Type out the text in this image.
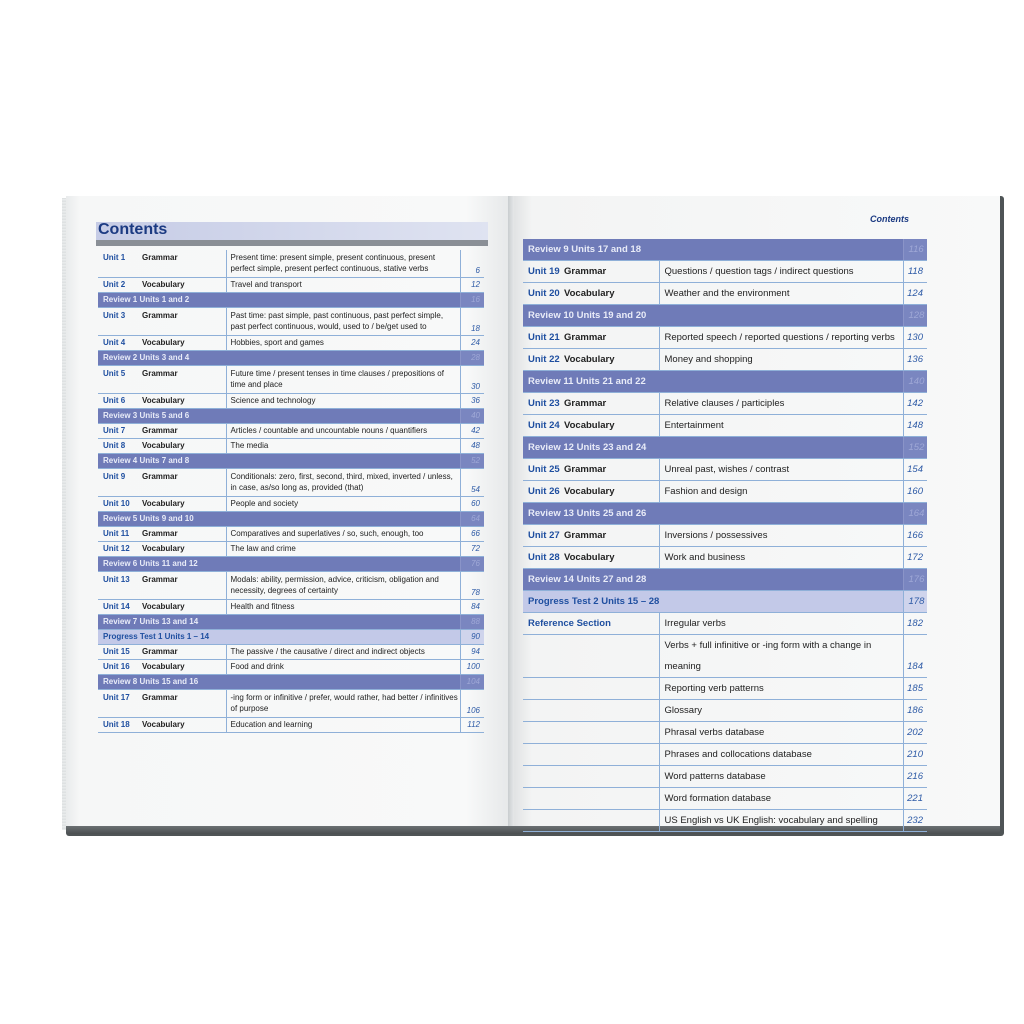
Contents
Contents
Unit 1	Grammar	Present time: present simple, present continuous, present perfect simple, present perfect continuous, stative verbs	6
Unit 2	Vocabulary	Travel and transport	12
Review 1 Units 1 and 2			16
Unit 3	Grammar	Past time: past simple, past continuous, past perfect simple, past perfect continuous, would, used to / be/get used to	18
Unit 4	Vocabulary	Hobbies, sport and games	24
Review 2 Units 3 and 4			28
Unit 5	Grammar	Future time / present tenses in time clauses / prepositions of time and place	30
Unit 6	Vocabulary	Science and technology	36
Review 3 Units 5 and 6			40
Unit 7	Grammar	Articles / countable and uncountable nouns / quantifiers	42
Unit 8	Vocabulary	The media	48
Review 4 Units 7 and 8			52
Unit 9	Grammar	Conditionals: zero, first, second, third, mixed, inverted / unless, in case, as/so long as, provided (that)	54
Unit 10	Vocabulary	People and society	60
Review 5 Units 9 and 10			64
Unit 11	Grammar	Comparatives and superlatives / so, such, enough, too	66
Unit 12	Vocabulary	The law and crime	72
Review 6 Units 11 and 12			76
Unit 13	Grammar	Modals: ability, permission, advice, criticism, obligation and necessity, degrees of certainty	78
Unit 14	Vocabulary	Health and fitness	84
Review 7 Units 13 and 14			88
Progress Test 1 Units 1 – 14			90
Unit 15	Grammar	The passive / the causative / direct and indirect objects	94
Unit 16	Vocabulary	Food and drink	100
Review 8 Units 15 and 16			104
Unit 17	Grammar	-ing form or infinitive / prefer, would rather, had better / infinitives of purpose	106
Unit 18	Vocabulary	Education and learning	112
Review 9 Units 17 and 18			116
Unit 19	Grammar	Questions / question tags / indirect questions	118
Unit 20	Vocabulary	Weather and the environment	124
Review 10 Units 19 and 20			128
Unit 21	Grammar	Reported speech / reported questions / reporting verbs	130
Unit 22	Vocabulary	Money and shopping	136
Review 11 Units 21 and 22			140
Unit 23	Grammar	Relative clauses / participles	142
Unit 24	Vocabulary	Entertainment	148
Review 12 Units 23 and 24			152
Unit 25	Grammar	Unreal past, wishes / contrast	154
Unit 26	Vocabulary	Fashion and design	160
Review 13 Units 25 and 26			164
Unit 27	Grammar	Inversions / possessives	166
Unit 28	Vocabulary	Work and business	172
Review 14 Units 27 and 28			176
Progress Test 2 Units 15 – 28			178
Reference Section		Irregular verbs	182
		Verbs + full infinitive or -ing form with a change in meaning	184
		Reporting verb patterns	185
		Glossary	186
		Phrasal verbs database	202
		Phrases and collocations database	210
		Word patterns database	216
		Word formation database	221
		US English vs UK English: vocabulary and spelling	232
